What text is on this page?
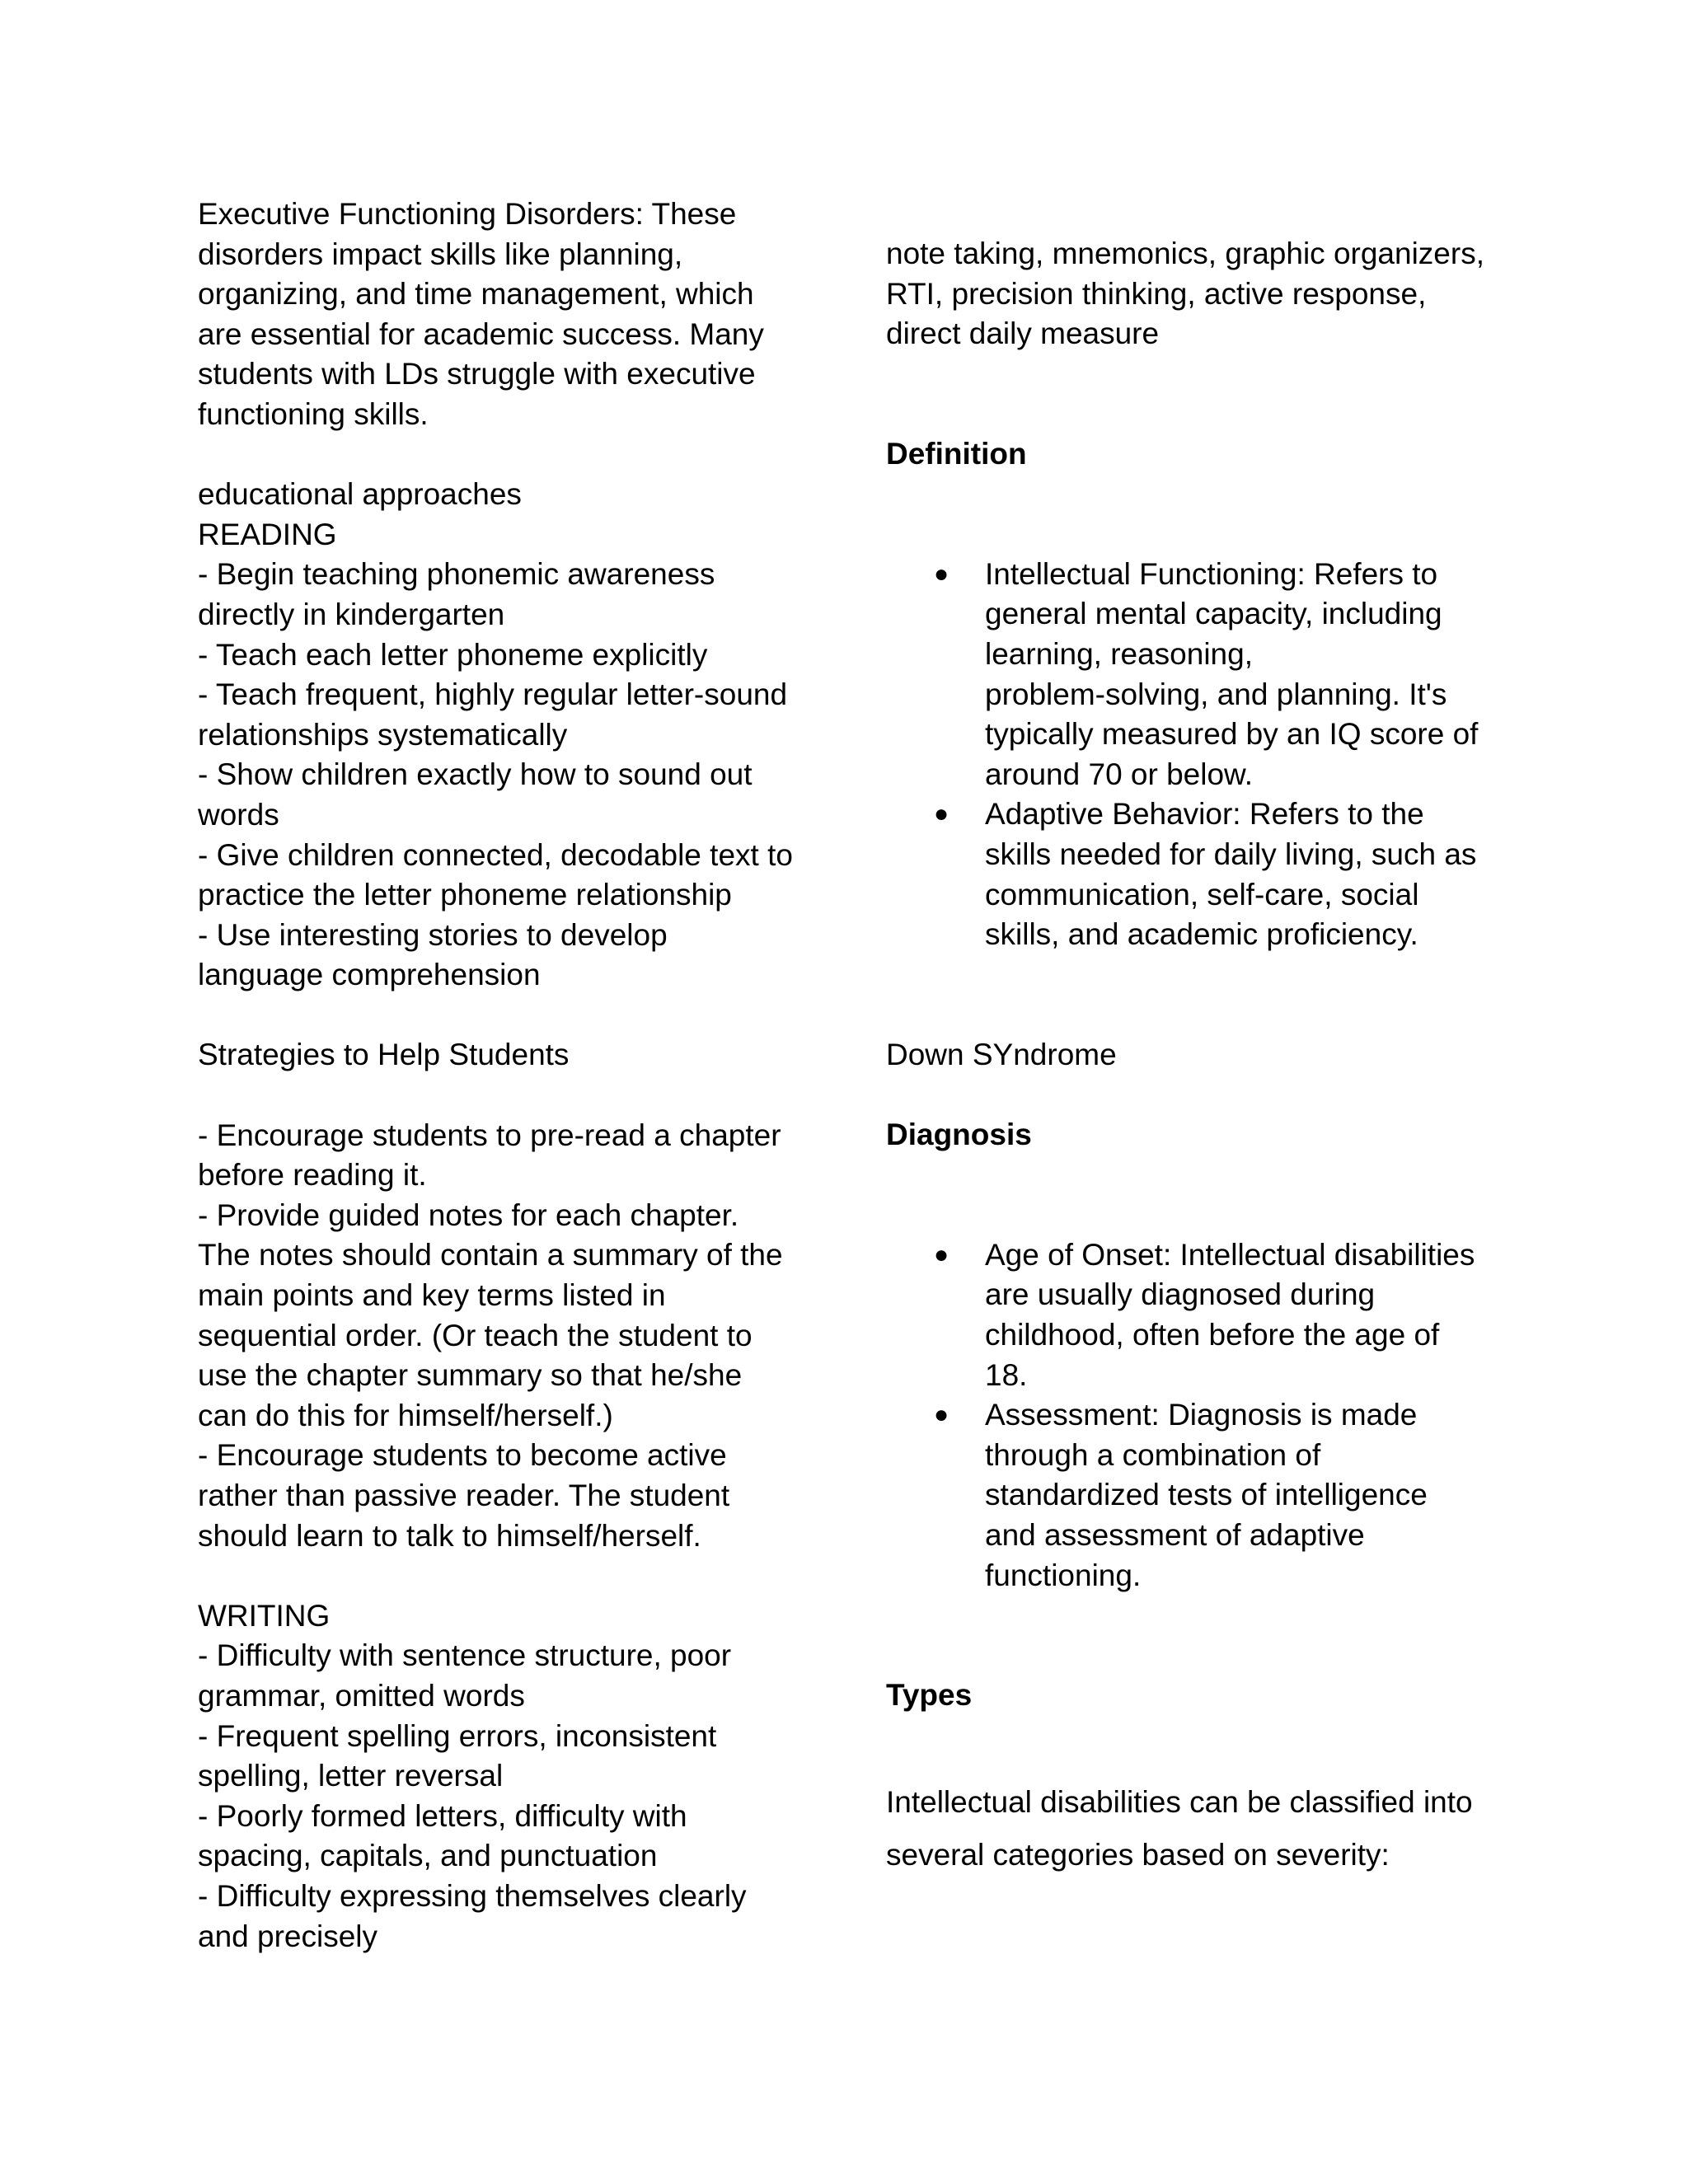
Executive Functioning Disorders: These
disorders impact skills like planning,
organizing, and time management, which
are essential for academic success. Many
students with LDs struggle with executive
functioning skills.
educational approaches
READING
- Begin teaching phonemic awareness
directly in kindergarten
- Teach each letter phoneme explicitly
- Teach frequent, highly regular letter-sound
relationships systematically
- Show children exactly how to sound out
words
- Give children connected, decodable text to
practice the letter phoneme relationship
- Use interesting stories to develop
language comprehension
Strategies to Help Students
- Encourage students to pre-read a chapter
before reading it.
- Provide guided notes for each chapter.
The notes should contain a summary of the
main points and key terms listed in
sequential order. (Or teach the student to
use the chapter summary so that he/she
can do this for himself/herself.)
- Encourage students to become active
rather than passive reader. The student
should learn to talk to himself/herself.
WRITING
- Difficulty with sentence structure, poor
grammar, omitted words
- Frequent spelling errors, inconsistent
spelling, letter reversal
- Poorly formed letters, difficulty with
spacing, capitals, and punctuation
- Difficulty expressing themselves clearly
and precisely
note taking, mnemonics, graphic organizers,
RTI, precision thinking, active response,
direct daily measure
Definition
● Intellectual Functioning: Refers to
general mental capacity, including
learning, reasoning,
problem-solving, and planning. It's
typically measured by an IQ score of
around 70 or below.
● Adaptive Behavior: Refers to the
skills needed for daily living, such as
communication, self-care, social
skills, and academic proficiency.
Down SYndrome
Diagnosis
● Age of Onset: Intellectual disabilities
are usually diagnosed during
childhood, often before the age of
18.
● Assessment: Diagnosis is made
through a combination of
standardized tests of intelligence
and assessment of adaptive
functioning.
Types
Intellectual disabilities can be classified into
several categories based on severity:
